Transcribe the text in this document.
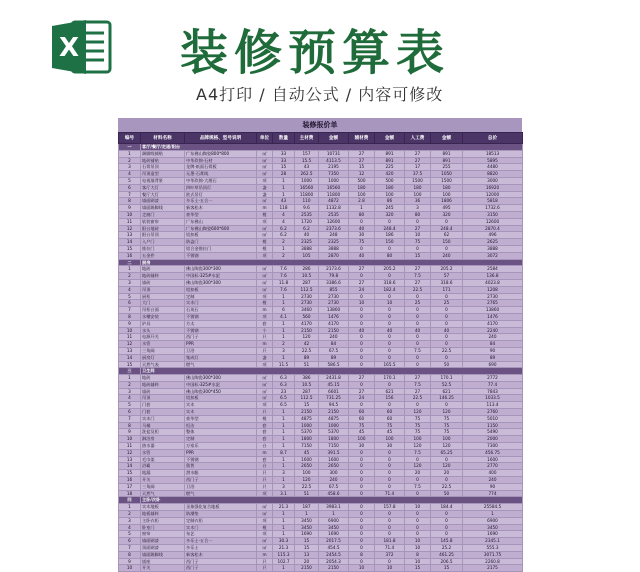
X 装修预算表
A4打印 / 自动公式 / 内容可修改
装修报价单
编号	材料名称	品牌规格、型号说明	单位	数量	主材费	金额	辅材费	金额	人工费	金额	总价
一	客厅/餐厅/走道/阳台										
1	踢脚线铺贴	广东佛山陶瓷800*800	㎡	33	157	10731	27	891	27	891	18513
2	地砖铺贴	中华玖锦·石材	㎡	33	15.5	4113.5	27	891	27	891	5895
3	石膏吊顶	龙牌·纸面石膏板	㎡	15	43	2195	15	225	17	255	4480
4	吊顶造型	无墨·石膏线	㎡	28	262.5	7350	12	420	37.5	1050	8820
5	电视墙背景	中华玖锦·大理石	项	1	1000	1000	500	500	1500	1500	3000
6	客厅大灯	四叶草吊顶灯	盏	1	16560	16560	180	180	180	180	16920
7	餐厅大灯	欧式吊灯	盏	1	11800	11800	100	100	100	100	12000
8	墙面刷漆	多乐士·五合一	㎡	43	110	4872	2.8	86	36	1806	5818
9	墙面踢脚线	新客松木	m	118	9.6	1132.8	1	245	3	495	1732.6
10	走廊门	豪华型	樘	4	2535	2535	80	320	80	320	3150
11	软装窗帘	广东佛山	项	4	1720	12600	0	0	0	0	12600
12	阳台地砖	广东佛山陶瓷600*600	㎡	6.2	6.2	2373.6	40	248.4	27	248.4	2870.4
13	阳台吊顶	铝扣板	㎡	6.2	40	248	30	186	10	62	496
14	入户门	防盗门	樘	2	2325	2325	75	150	75	150	2625
15	推拉门	铝合金推拉门	樘	1	3888	3888	0	0	0	0	3888
16	五金件	不锈钢	项	2	105	2870	40	80	15	240	3072
二	厨房										
1	地砖	佛山陶瓷300*300	㎡	7.6	286	2173.6	27	205.2	27	205.2	2584
2	地砖辅料	中国标·325#水泥	㎡	7.6	10.5	79.8	0	0	7.5	57	136.8
3	墙砖	佛山陶瓷300*300	㎡	11.8	287	3386.6	27	318.6	27	318.6	4023.8
4	吊顶	铝扣板	㎡	7.6	112.5	855	24	182.4	22.5	171	1208
5	厨柜	定制	项	1	2730	2730	0	0	0	0	2730
6	大门	实木门	樘	1	2730	2730	10	10	25	25	2765
7	吊柜台面	石英石	m	6	3460	13860	0	0	0	0	13860
8	水槽安装	不锈钢	项	4.1	560	1476	0	0	0	0	1476
9	炉具	方太	套	1	4170	4170	0	0	0	0	4170
10	水头	不锈钢	个	1	2150	2150	40	40	40	40	2240
11	电源开关	西门子	只	1	120	240	0	0	0	0	240
12	水管	PPR	m	2	42	84	0	0	0	0	84
13	三角阀	卫浴	只	3	22.5	67.5	0	0	7.5	22.5	90
14	厨房灯	集成灯	盏	1	89	89	0	0	0	0	89
15	天然气表	燃气	项	11.5	51	586.5	0	165.5	0	50	690
三	卫生间										
1	地砖	佛山陶瓷300*300	㎡	6.3	386	2431.8	27	170.1	27	170.1	2772
2	地砖辅料	中国标·325#水泥	㎡	6.3	10.5	45.15	0	0	7.5	52.5	77.4
3	墙砖	佛山陶瓷300*450	㎡	23	287	6601	27	621	27	621	7843
4	吊顶	铝扣板	㎡	6.5	112.5	731.25	24	156	22.5	146.25	1033.5
5	门套	实木	项	6.5	15	94.5	0	0	0	0	113.4
6	门套	实木	只	1	2150	2150	60	60	120	120	2760
7	实木门	豪华型	樘	1	4875	4875	60	60	75	75	5010
8	马桶	恒洁	套	1	1000	1000	75	75	75	75	1150
9	洗盆及柜	整体	套	1	5370	5370	45	45	75	75	5490
10	淋浴房	定制	套	1	1800	1800	100	100	100	100	2000
11	热水器	万家乐	台	1	7150	7150	30	30	120	120	7300
12	水管	PPR	m	8.7	45	391.5	0	0	7.5	65.25	456.75
13	毛巾架	不锈钢	套	1	1600	1600	0	0	0	0	1600
14	浴霸	奥普	台	1	2650	2650	0	0	120	120	2770
15	地漏	潜水艇	只	3	100	300	0	0	20	20	400
16	开关	西门子	只	1	120	240	0	0	0	0	240
17	三角阀	卫浴	只	3	22.5	67.5	0	0	7.5	22.5	90
18	天然气	燃气	项	3.1	51	458.6	0	71.4	0	50	774
四	主卧/次卧										
1	实木地板	圣象强化复合地板	㎡	21.3	187	3983.1	0	157.8	10	184.4	25584.5
2	地板辅料	防潮垫	㎡	1	1	1	0	0	0	0	1
3	主卧衣柜	定制衣柜	项	1	3450	6900	0	0	0	0	6900
4	卧室门	实木门	樘	1	3450	3450	0	0	0	0	3450
5	窗帘	布艺	项	1	1690	1690	0	0	0	0	1690
6	墙面刷漆	多乐士·五合一	㎡	30.3	15	2017.5	0	181.8	10	145.8	2345.1
7	顶面刷漆	多乐士	㎡	21.3	15	454.5	0	71.4	10	25.2	555.3
8	墙面踢脚线	新客松木	m	115.3	13	2454.5	8	372	8	461.25	3071.75
9	插座	西门子	只	102.7	20	2054.3	0	0	10	206.5	2260.8
10	开关	西门子	只	1	2150	2150	10	10	15	15	2175
